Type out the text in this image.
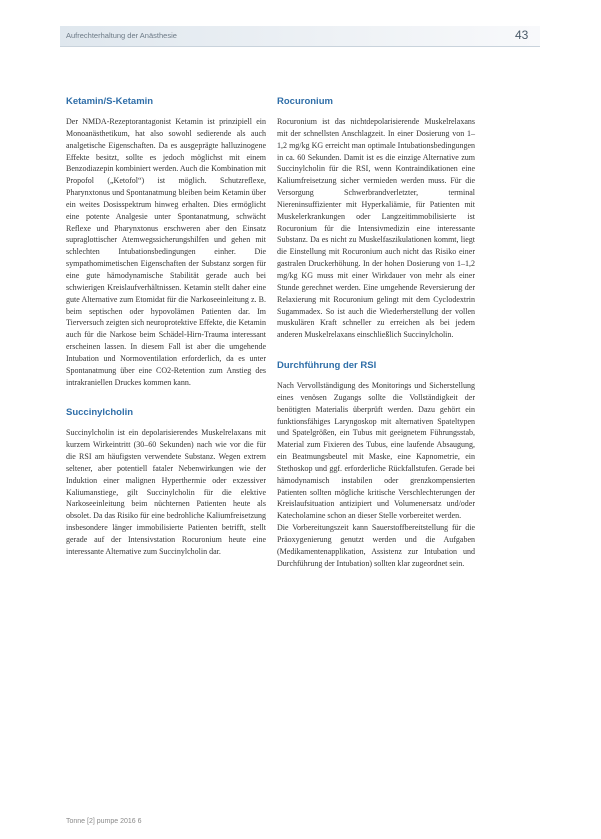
Aufrechterhaltung der Anästhesie	43
Ketamin/S-Ketamin

Der NMDA-Rezeptorantagonist Ketamin ist prinzipiell ein Monoanästhetikum, hat also sowohl sedierende als auch analgetische Eigenschaften. Da es ausgeprägte halluzinogene Effekte besitzt, sollte es jedoch möglichst mit einem Benzodiazepin kombiniert werden. Auch die Kombination mit Propofol („Ketofol“) ist möglich. Schutzreflexe, Pharynxtonus und Spontanatmung bleiben beim Ketamin über ein weites Dosisspektrum hinweg erhalten. Dies ermöglicht eine potente Analgesie unter Spontanatmung, schwächt Reflexe und Pharynxtonus erschweren aber den Einsatz supraglottischer Atemwegssicherungshilfen und gehen mit schlechten Intubationsbedingungen einher. Die sympathomimetischen Eigenschaften der Substanz sorgen für eine gute hämodynamische Stabilität gerade auch bei schwierigen Kreislaufverhältnissen. Ketamin stellt daher eine gute Alternative zum Etomidat für die Narkoseeinleitung z. B. beim septischen oder hypovolämen Patienten dar. Im Tierversuch zeigten sich neuroprotektive Effekte, die Ketamin auch für die Narkose beim Schädel-Hirn-Trauma interessant erscheinen lassen. In diesem Fall ist aber die umgehende Intubation und Normoventilation erforderlich, da es unter Spontanatmung über eine CO2-Retention zum Anstieg des intrakraniellen Druckes kommen kann.

Succinylcholin

Succinylcholin ist ein depolarisierendes Muskelrelaxans mit kurzem Wirkeintritt (30–60 Sekunden) nach wie vor die für die RSI am häufigsten verwendete Substanz. Wegen extrem seltener, aber potentiell fataler Nebenwirkungen wie der Induktion einer malignen Hyperthermie oder exzessiver Kaliumanstiege, gilt Succinylcholin für die elektive Narkoseeinleitung beim nüchternen Patienten heute als obsolet. Da das Risiko für eine bedrohliche Kaliumfreisetzung insbesondere länger immobilisierte Patienten betrifft, stellt gerade auf der Intensivstation Rocuronium heute eine interessante Alternative zum Succinylcholin dar.

Rocuronium

Rocuronium ist das nichtdepolarisierende Muskelrelaxans mit der schnellsten Anschlagzeit. In einer Dosierung von 1–1,2 mg/kg KG erreicht man optimale Intubationsbedingungen in ca. 60 Sekunden. Damit ist es die einzige Alternative zum Succinylcholin für die RSI, wenn Kontraindikationen eine Kaliumfreisetzung sicher vermieden werden muss. Für die Versorgung Schwerbrandverletzter, terminal Niereninsuffizienter mit Hyperkaliämie, für Patienten mit Muskelerkrankungen oder Langzeitimmobilisierte ist Rocuronium für die Intensivmedizin eine interessante Substanz. Da es nicht zu Muskelfaszikulationen kommt, liegt die Einstellung mit Rocuronium auch nicht das Risiko einer gastralen Druckerhöhung. In der hohen Dosierung von 1–1,2 mg/kg KG muss mit einer Wirkdauer von mehr als einer Stunde gerechnet werden. Eine umgehende Reversierung der Relaxierung mit Rocuronium gelingt mit dem Cyclodextrin Sugammadex. So ist auch die Wiederherstellung der vollen muskulären Kraft schneller zu erreichen als bei jedem anderen Muskelrelaxans einschließlich Succinylcholin.

Durchführung der RSI

Nach Vervollständigung des Monitorings und Sicherstellung eines venösen Zugangs sollte die Vollständigkeit der benötigten Materialis überprüft werden. Dazu gehört ein funktionsfähiges Laryngoskop mit alternativen Spateltypen und Spatelgrößen, ein Tubus mit geeignetem Führungsstab, Material zum Fixieren des Tubus, eine laufende Absaugung, ein Beatmungsbeutel mit Maske, eine Kapnometrie, ein Stethoskop und ggf. erforderliche Rückfallstufen. Gerade bei hämodynamisch instabilen oder grenzkompensierten Patienten sollten mögliche kritische Verschlechterungen der Kreislaufsituation antizipiert und Volumenersatz und/oder Katecholamine schon an dieser Stelle vorbereitet werden.

Die Vorbereitungszeit kann Sauerstoffbereitstellung für die Präoxygenierung genutzt werden und die Aufgaben (Medikamentenapplikation, Assistenz zur Intubation und Durchführung der Intubation) sollten klar zugeordnet sein.

Tonne [2] pumpe 2016 6
